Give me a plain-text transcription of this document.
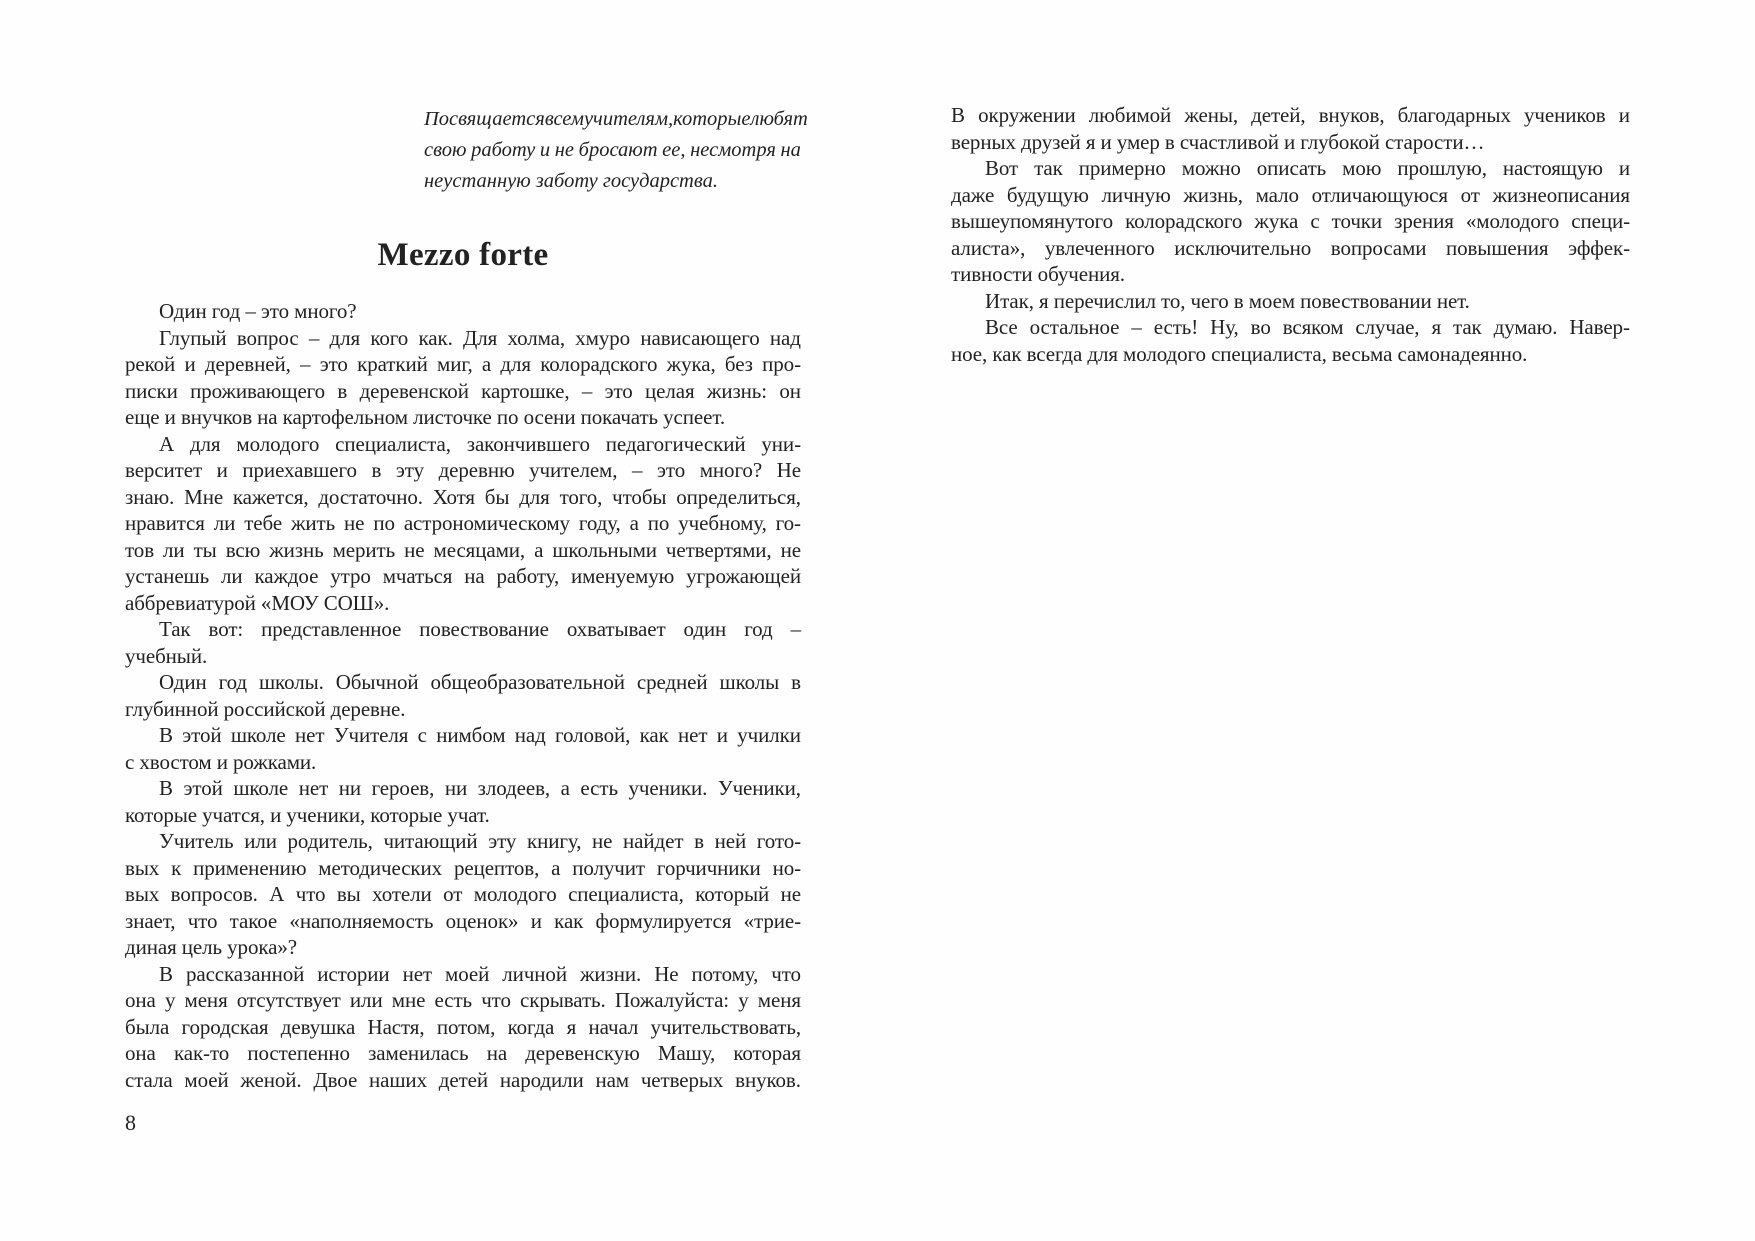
Посвящается всем учителям, которые любят
свою работу и не бросают ее, несмотря на
неустанную заботу государства.
Mezzo forte
Один год – это много?
Глупый вопрос – для кого как. Для холма, хмуро нависающего над
рекой и деревней, – это краткий миг, а для колорадского жука, без про-
писки проживающего в деревенской картошке, – это целая жизнь: он
еще и внучков на картофельном листочке по осени покачать успеет.
А для молодого специалиста, закончившего педагогический уни-
верситет и приехавшего в эту деревню учителем, – это много? Не
знаю. Мне кажется, достаточно. Хотя бы для того, чтобы определиться,
нравится ли тебе жить не по астрономическому году, а по учебному, го-
тов ли ты всю жизнь мерить не месяцами, а школьными четвертями, не
устанешь ли каждое утро мчаться на работу, именуемую угрожающей
аббревиатурой «МОУ СОШ».
Так вот: представленное повествование охватывает один год –
учебный.
Один год школы. Обычной общеобразовательной средней школы в
глубинной российской деревне.
В этой школе нет Учителя с нимбом над головой, как нет и училки
с хвостом и рожками.
В этой школе нет ни героев, ни злодеев, а есть ученики. Ученики,
которые учатся, и ученики, которые учат.
Учитель или родитель, читающий эту книгу, не найдет в ней гото-
вых к применению методических рецептов, а получит горчичники но-
вых вопросов. А что вы хотели от молодого специалиста, который не
знает, что такое «наполняемость оценок» и как формулируется «трие-
диная цель урока»?
В рассказанной истории нет моей личной жизни. Не потому, что
она у меня отсутствует или мне есть что скрывать. Пожалуйста: у меня
была городская девушка Настя, потом, когда я начал учительствовать,
она как-то постепенно заменилась на деревенскую Машу, которая
стала моей женой. Двое наших детей народили нам четверых внуков.
8
В окружении любимой жены, детей, внуков, благодарных учеников и
верных друзей я и умер в счастливой и глубокой старости…
Вот так примерно можно описать мою прошлую, настоящую и
даже будущую личную жизнь, мало отличающуюся от жизнеописания
вышеупомянутого колорадского жука с точки зрения «молодого специ-
алиста», увлеченного исключительно вопросами повышения эффек-
тивности обучения.
Итак, я перечислил то, чего в моем повествовании нет.
Все остальное – есть! Ну, во всяком случае, я так думаю. Навер-
ное, как всегда для молодого специалиста, весьма самонадеянно.
